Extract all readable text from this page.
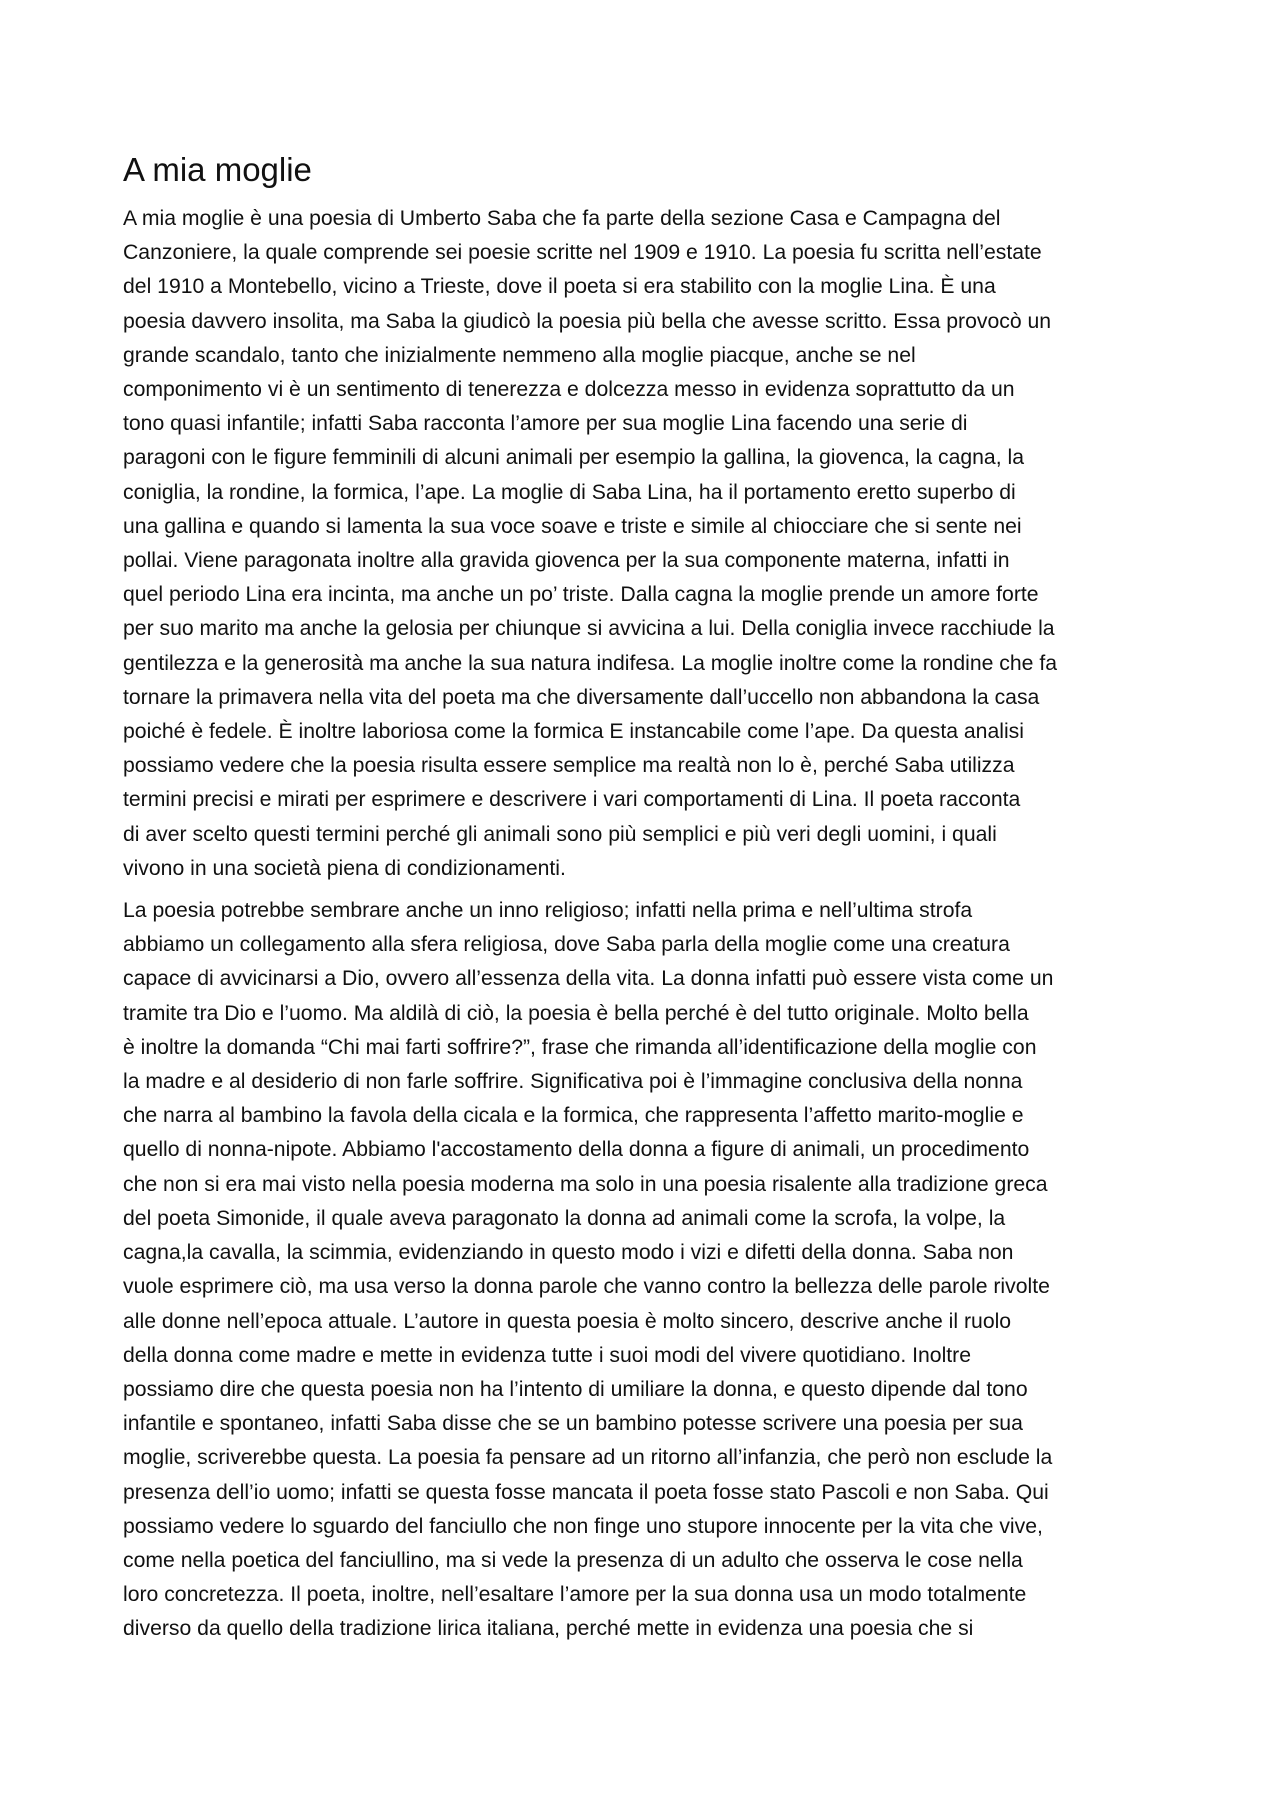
A mia moglie

A mia moglie è una poesia di Umberto Saba che fa parte della sezione Casa e Campagna del
Canzoniere, la quale comprende sei poesie scritte nel 1909 e 1910. La poesia fu scritta nell’estate
del 1910 a Montebello, vicino a Trieste, dove il poeta si era stabilito con la moglie Lina. È una
poesia davvero insolita, ma Saba la giudicò la poesia più bella che avesse scritto. Essa provocò un
grande scandalo, tanto che inizialmente nemmeno alla moglie piacque, anche se nel
componimento vi è un sentimento di tenerezza e dolcezza messo in evidenza soprattutto da un
tono quasi infantile; infatti Saba racconta l’amore per sua moglie Lina facendo una serie di
paragoni con le figure femminili di alcuni animali per esempio la gallina, la giovenca, la cagna, la
coniglia, la rondine, la formica, l’ape. La moglie di Saba Lina, ha il portamento eretto superbo di
una gallina e quando si lamenta la sua voce soave e triste e simile al chiocciare che si sente nei
pollai. Viene paragonata inoltre alla gravida giovenca per la sua componente materna, infatti in
quel periodo Lina era incinta, ma anche un po’ triste. Dalla cagna la moglie prende un amore forte
per suo marito ma anche la gelosia per chiunque si avvicina a lui. Della coniglia invece racchiude la
gentilezza e la generosità ma anche la sua natura indifesa. La moglie inoltre come la rondine che fa
tornare la primavera nella vita del poeta ma che diversamente dall’uccello non abbandona la casa
poiché è fedele. È inoltre laboriosa come la formica E instancabile come l’ape. Da questa analisi
possiamo vedere che la poesia risulta essere semplice ma realtà non lo è, perché Saba utilizza
termini precisi e mirati per esprimere e descrivere i vari comportamenti di Lina. Il poeta racconta
di aver scelto questi termini perché gli animali sono più semplici e più veri degli uomini, i quali
vivono in una società piena di condizionamenti.

La poesia potrebbe sembrare anche un inno religioso; infatti nella prima e nell’ultima strofa
abbiamo un collegamento alla sfera religiosa, dove Saba parla della moglie come una creatura
capace di avvicinarsi a Dio, ovvero all’essenza della vita. La donna infatti può essere vista come un
tramite tra Dio e l’uomo. Ma aldilà di ciò, la poesia è bella perché è del tutto originale. Molto bella
è inoltre la domanda “Chi mai farti soffrire?”, frase che rimanda all’identificazione della moglie con
la madre e al desiderio di non farle soffrire. Significativa poi è l’immagine conclusiva della nonna
che narra al bambino la favola della cicala e la formica, che rappresenta l’affetto marito-moglie e
quello di nonna-nipote. Abbiamo l'accostamento della donna a figure di animali, un procedimento
che non si era mai visto nella poesia moderna ma solo in una poesia risalente alla tradizione greca
del poeta Simonide, il quale aveva paragonato la donna ad animali come la scrofa, la volpe, la
cagna,la cavalla, la scimmia, evidenziando in questo modo i vizi e difetti della donna. Saba non
vuole esprimere ciò, ma usa verso la donna parole che vanno contro la bellezza delle parole rivolte
alle donne nell’epoca attuale. L’autore in questa poesia è molto sincero, descrive anche il ruolo
della donna come madre e mette in evidenza tutte i suoi modi del vivere quotidiano. Inoltre
possiamo dire che questa poesia non ha l’intento di umiliare la donna, e questo dipende dal tono
infantile e spontaneo, infatti Saba disse che se un bambino potesse scrivere una poesia per sua
moglie, scriverebbe questa. La poesia fa pensare ad un ritorno all’infanzia, che però non esclude la
presenza dell’io uomo; infatti se questa fosse mancata il poeta fosse stato Pascoli e non Saba. Qui
possiamo vedere lo sguardo del fanciullo che non finge uno stupore innocente per la vita che vive,
come nella poetica del fanciullino, ma si vede la presenza di un adulto che osserva le cose nella
loro concretezza. Il poeta, inoltre, nell’esaltare l’amore per la sua donna usa un modo totalmente
diverso da quello della tradizione lirica italiana, perché mette in evidenza una poesia che si
